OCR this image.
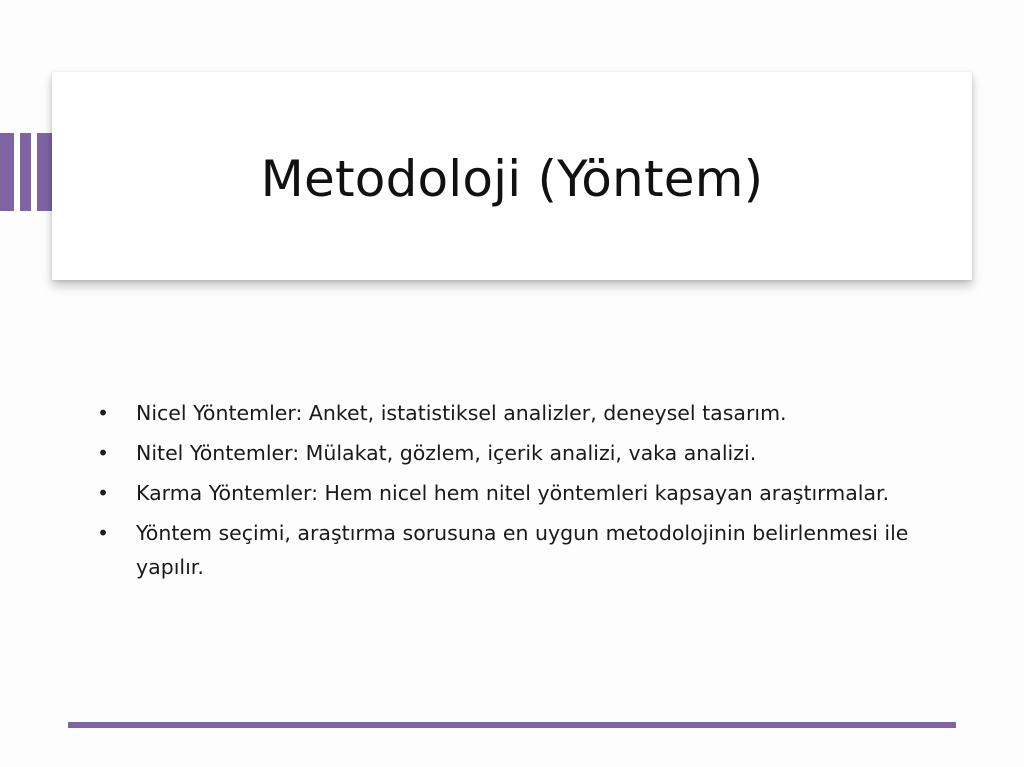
Metodoloji (Yöntem)
• Nicel Yöntemler: Anket, istatistiksel analizler, deneysel tasarım.
• Nitel Yöntemler: Mülakat, gözlem, içerik analizi, vaka analizi.
• Karma Yöntemler: Hem nicel hem nitel yöntemleri kapsayan araştırmalar.
• Yöntem seçimi, araştırma sorusuna en uygun metodolojinin belirlenmesi ile yapılır.
